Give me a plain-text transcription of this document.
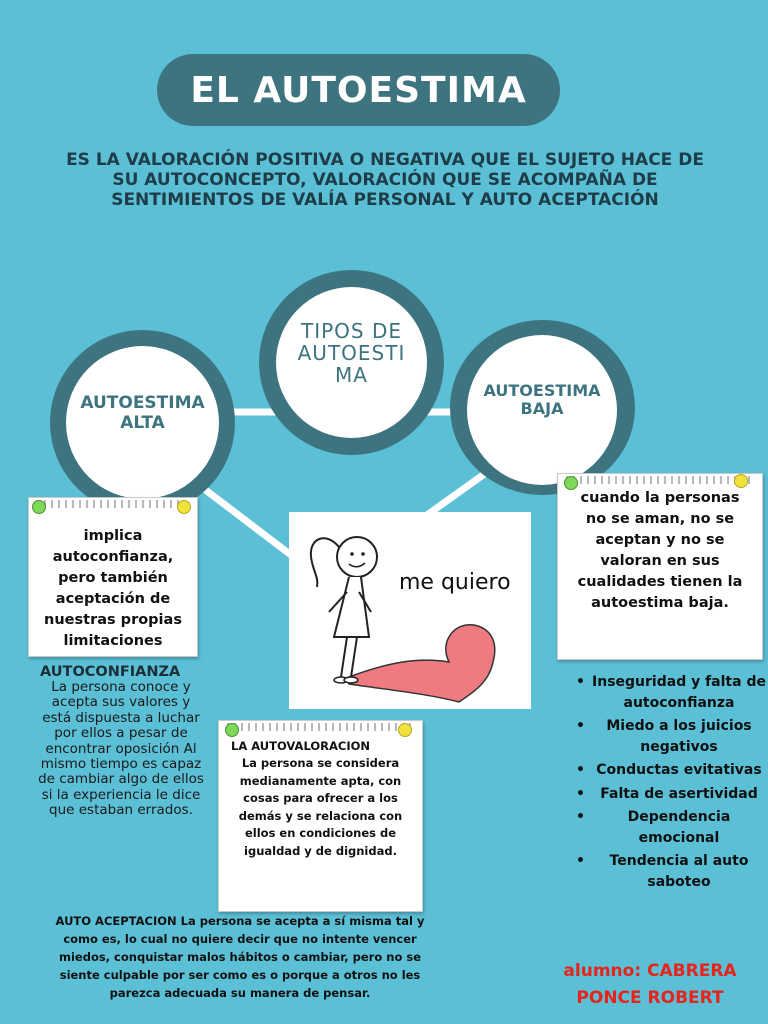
EL AUTOESTIMA
ES LA VALORACIÓN POSITIVA O NEGATIVA QUE EL SUJETO HACE DE SU AUTOCONCEPTO, VALORACIÓN QUE SE ACOMPAÑA DE SENTIMIENTOS DE VALÍA PERSONAL Y AUTO ACEPTACIÓN
TIPOS DE AUTOESTIMA
AUTOESTIMA ALTA
AUTOESTIMA BAJA
implica autoconfianza, pero también aceptación de nuestras propias limitaciones
cuando la personas no se aman, no se aceptan y no se valoran en sus cualidades tienen la autoestima baja.
me quiero
LA AUTOVALORACION
La persona se considera medianamente apta, con cosas para ofrecer a los demás y se relaciona con ellos en condiciones de igualdad y de dignidad.
AUTOCONFIANZA
La persona conoce y acepta sus valores y está dispuesta a luchar por ellos a pesar de encontrar oposición Al mismo tiempo es capaz de cambiar algo de ellos si la experiencia le dice que estaban errados.
• Inseguridad y falta de autoconfianza
• Miedo a los juicios negativos
• Conductas evitativas
• Falta de asertividad
• Dependencia emocional
• Tendencia al auto saboteo
AUTO ACEPTACION La persona se acepta a sí misma tal y como es, lo cual no quiere decir que no intente vencer miedos, conquistar malos hábitos o cambiar, pero no se siente culpable por ser como es o porque a otros no les parezca adecuada su manera de pensar.
alumno: CABRERA PONCE ROBERT
